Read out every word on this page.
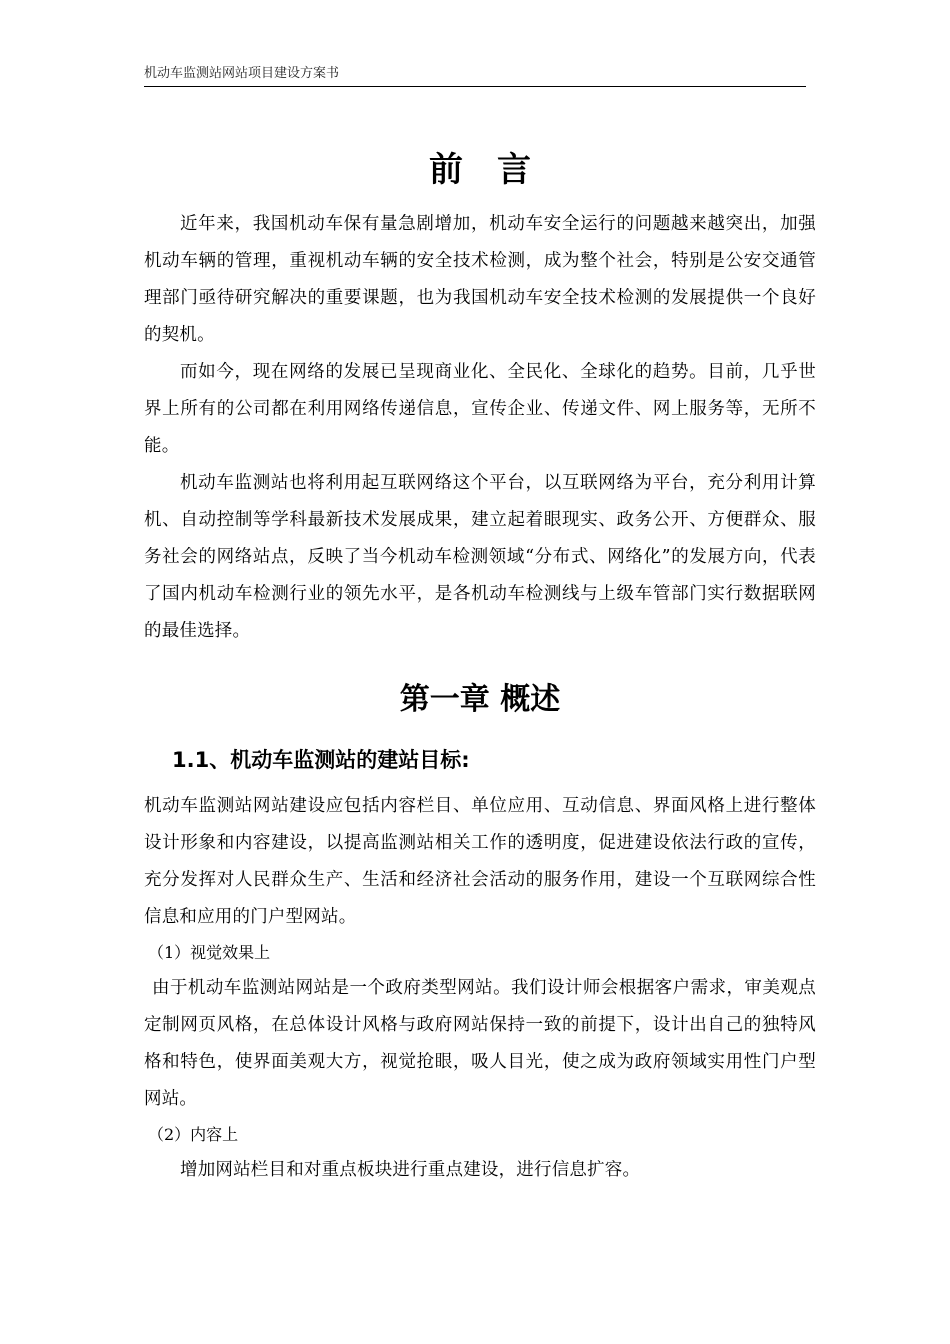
机动车监测站网站项目建设方案书
前　言

近年来，我国机动车保有量急剧增加，机动车安全运行的问题越来越突出，加强机动车辆的管理，重视机动车辆的安全技术检测，成为整个社会，特别是公安交通管理部门亟待研究解决的重要课题，也为我国机动车安全技术检测的发展提供一个良好的契机。

而如今，现在网络的发展已呈现商业化、全民化、全球化的趋势。目前，几乎世界上所有的公司都在利用网络传递信息，宣传企业、传递文件、网上服务等，无所不能。

机动车监测站也将利用起互联网络这个平台，以互联网络为平台，充分利用计算机、自动控制等学科最新技术发展成果，建立起着眼现实、政务公开、方便群众、服务社会的网络站点，反映了当今机动车检测领域“分布式、网络化”的发展方向，代表了国内机动车检测行业的领先水平，是各机动车检测线与上级车管部门实行数据联网的最佳选择。

第一章 概述
1.1、机动车监测站的建站目标:

机动车监测站网站建设应包括内容栏目、单位应用、互动信息、界面风格上进行整体设计形象和内容建设，以提高监测站相关工作的透明度，促进建设依法行政的宣传，充分发挥对人民群众生产、生活和经济社会活动的服务作用，建设一个互联网综合性信息和应用的门户型网站。

（1）视觉效果上

由于机动车监测站网站是一个政府类型网站。我们设计师会根据客户需求，审美观点定制网页风格，在总体设计风格与政府网站保持一致的前提下，设计出自己的独特风格和特色，使界面美观大方，视觉抢眼，吸人目光，使之成为政府领域实用性门户型网站。

（2）内容上

增加网站栏目和对重点板块进行重点建设，进行信息扩容。
